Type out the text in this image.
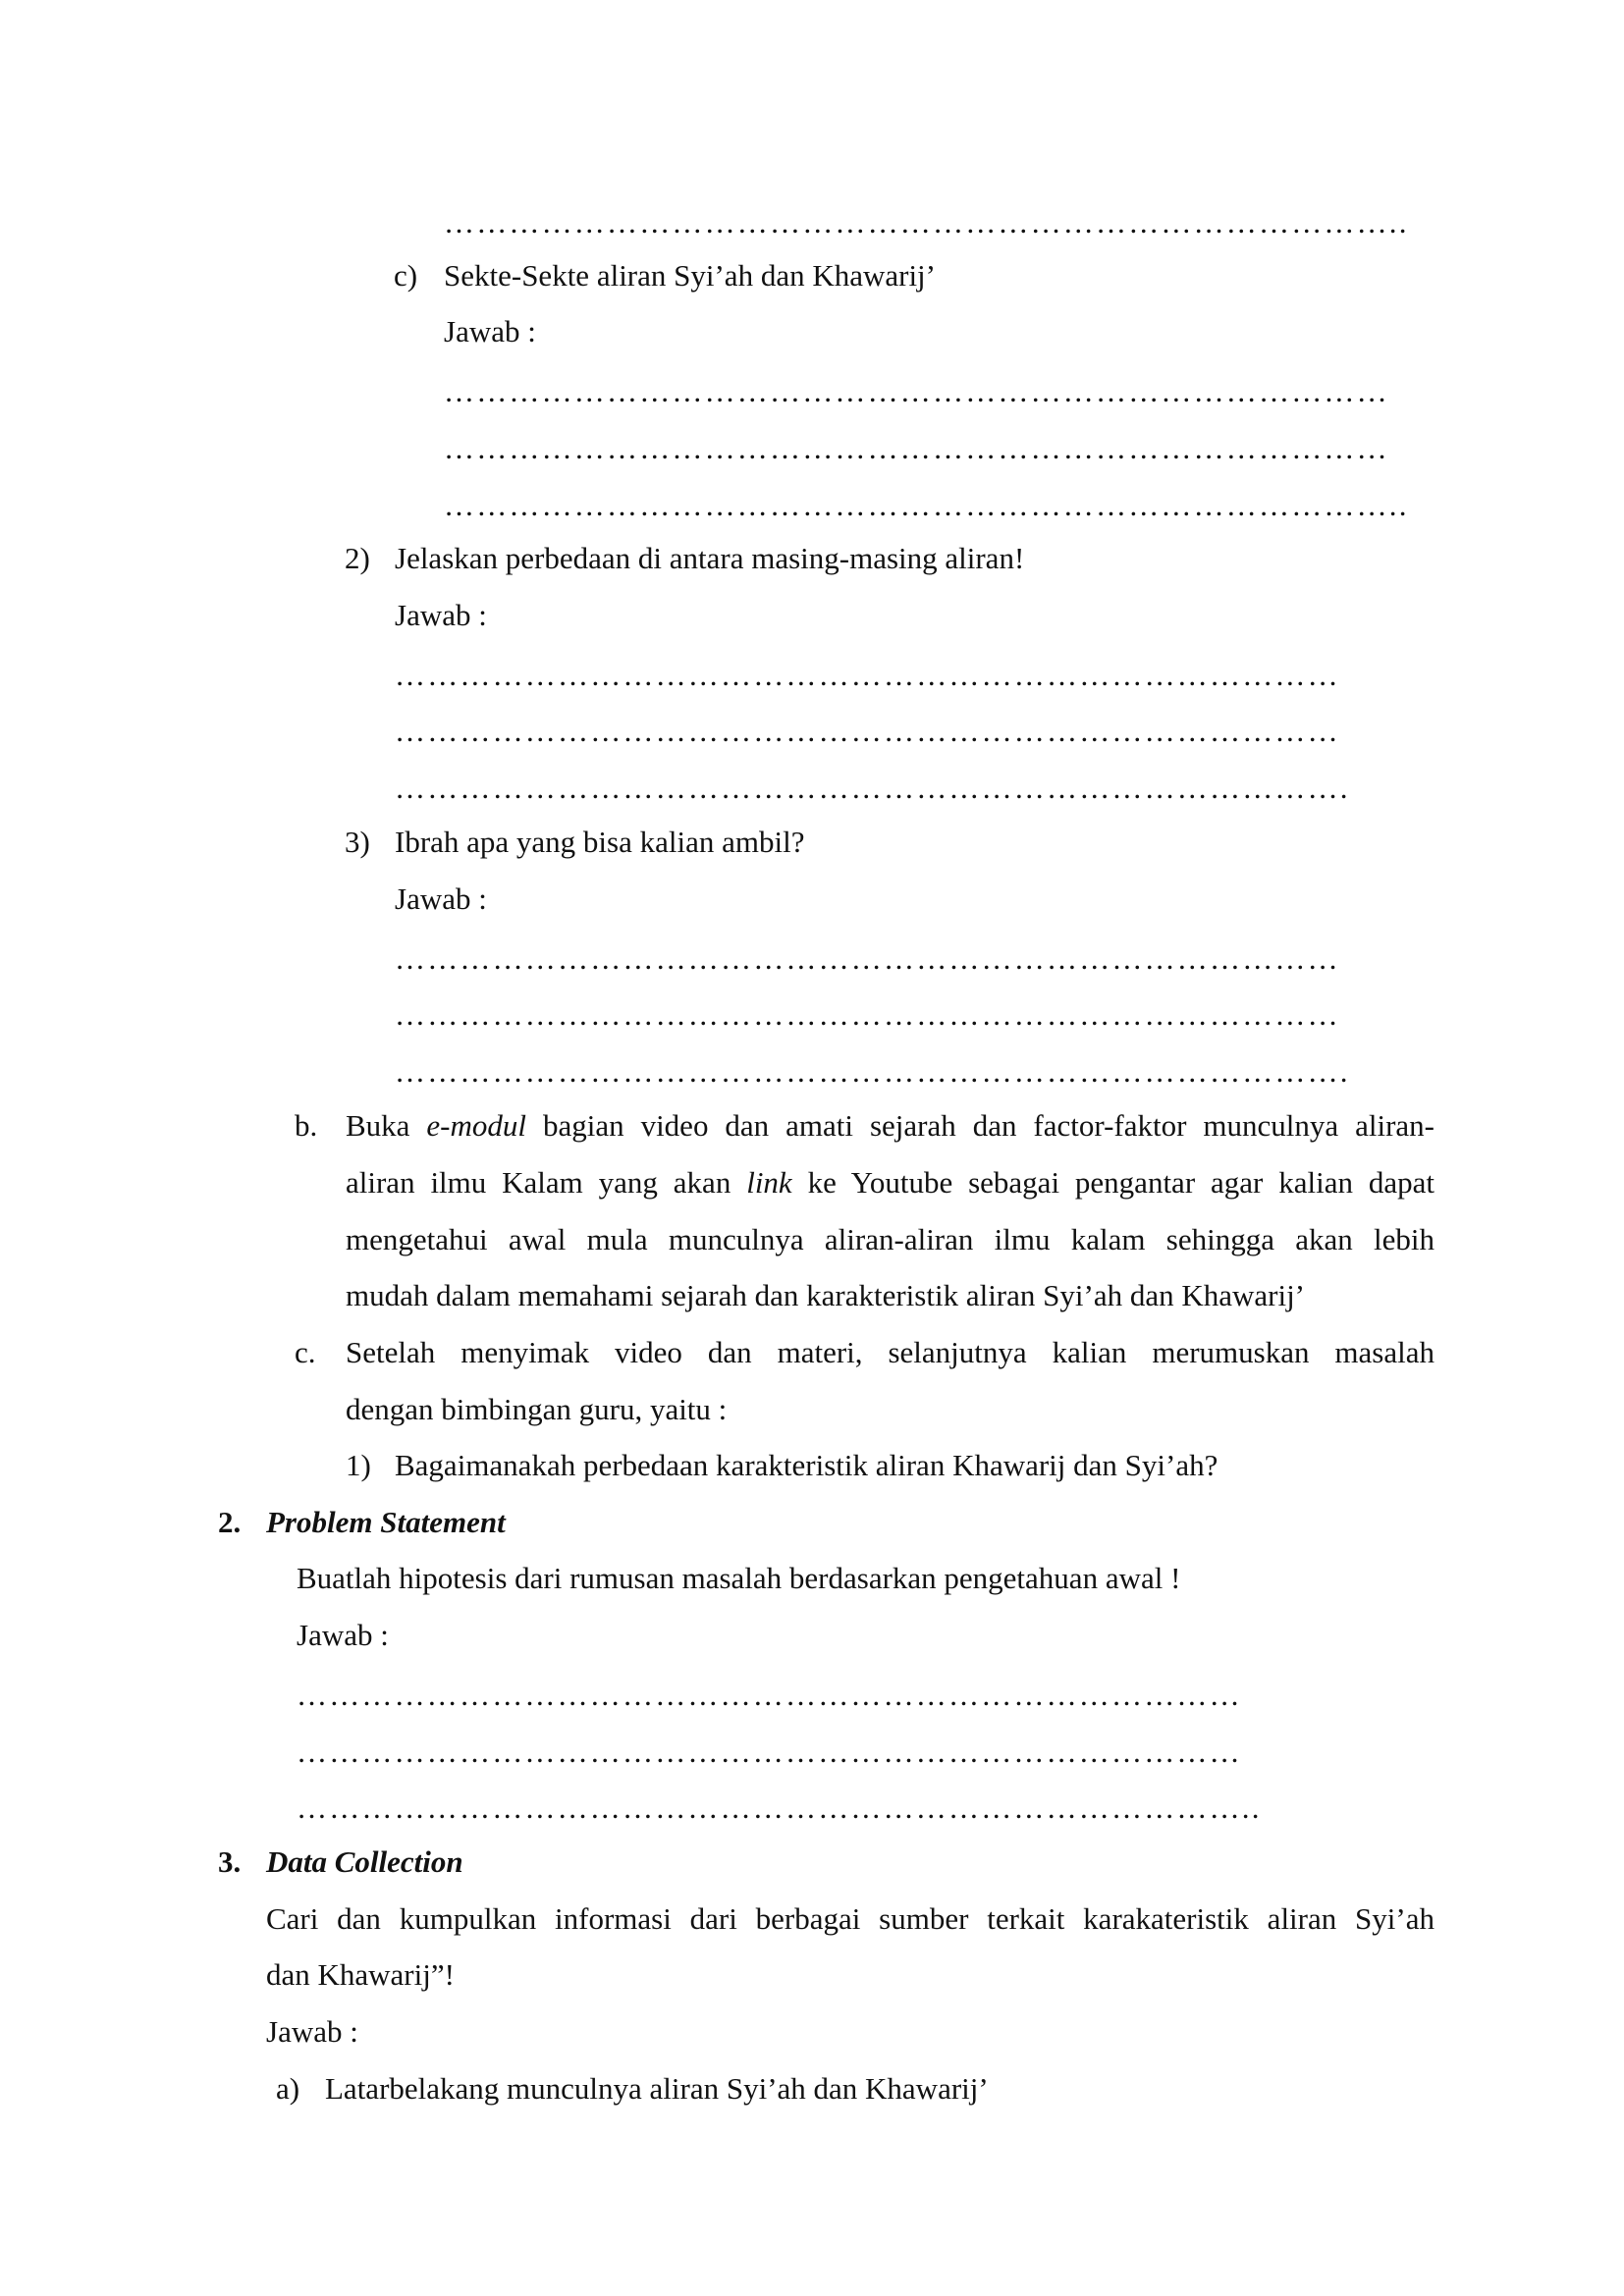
……………………………………………………………………………..
c) Sekte-Sekte aliran Syi’ah dan Khawarij’
Jawab :
……………………………………………………………………………
……………………………………………………………………………
……………………………………………………………………………..
2) Jelaskan perbedaan di antara masing-masing aliran!
Jawab :
……………………………………………………………………………
……………………………………………………………………………
…………………………………………………………………………….
3) Ibrah apa yang bisa kalian ambil?
Jawab :
……………………………………………………………………………
……………………………………………………………………………
…………………………………………………………………………….
b. Buka e-modul bagian video dan amati sejarah dan factor-faktor munculnya aliran-
aliran ilmu Kalam yang akan link ke Youtube sebagai pengantar agar kalian dapat
mengetahui awal mula munculnya aliran-aliran ilmu kalam sehingga akan lebih
mudah dalam memahami sejarah dan karakteristik aliran Syi’ah dan Khawarij’
c. Setelah menyimak video dan materi, selanjutnya kalian merumuskan masalah
dengan bimbingan guru, yaitu :
1) Bagaimanakah perbedaan karakteristik aliran Khawarij dan Syi’ah?
2. Problem Statement
Buatlah hipotesis dari rumusan masalah berdasarkan pengetahuan awal !
Jawab :
……………………………………………………………………………
……………………………………………………………………………
……………………………………………………………………………..
3. Data Collection
Cari dan kumpulkan informasi dari berbagai sumber terkait karakateristik aliran Syi’ah
dan Khawarij”!
Jawab :
a) Latarbelakang munculnya aliran Syi’ah dan Khawarij’
